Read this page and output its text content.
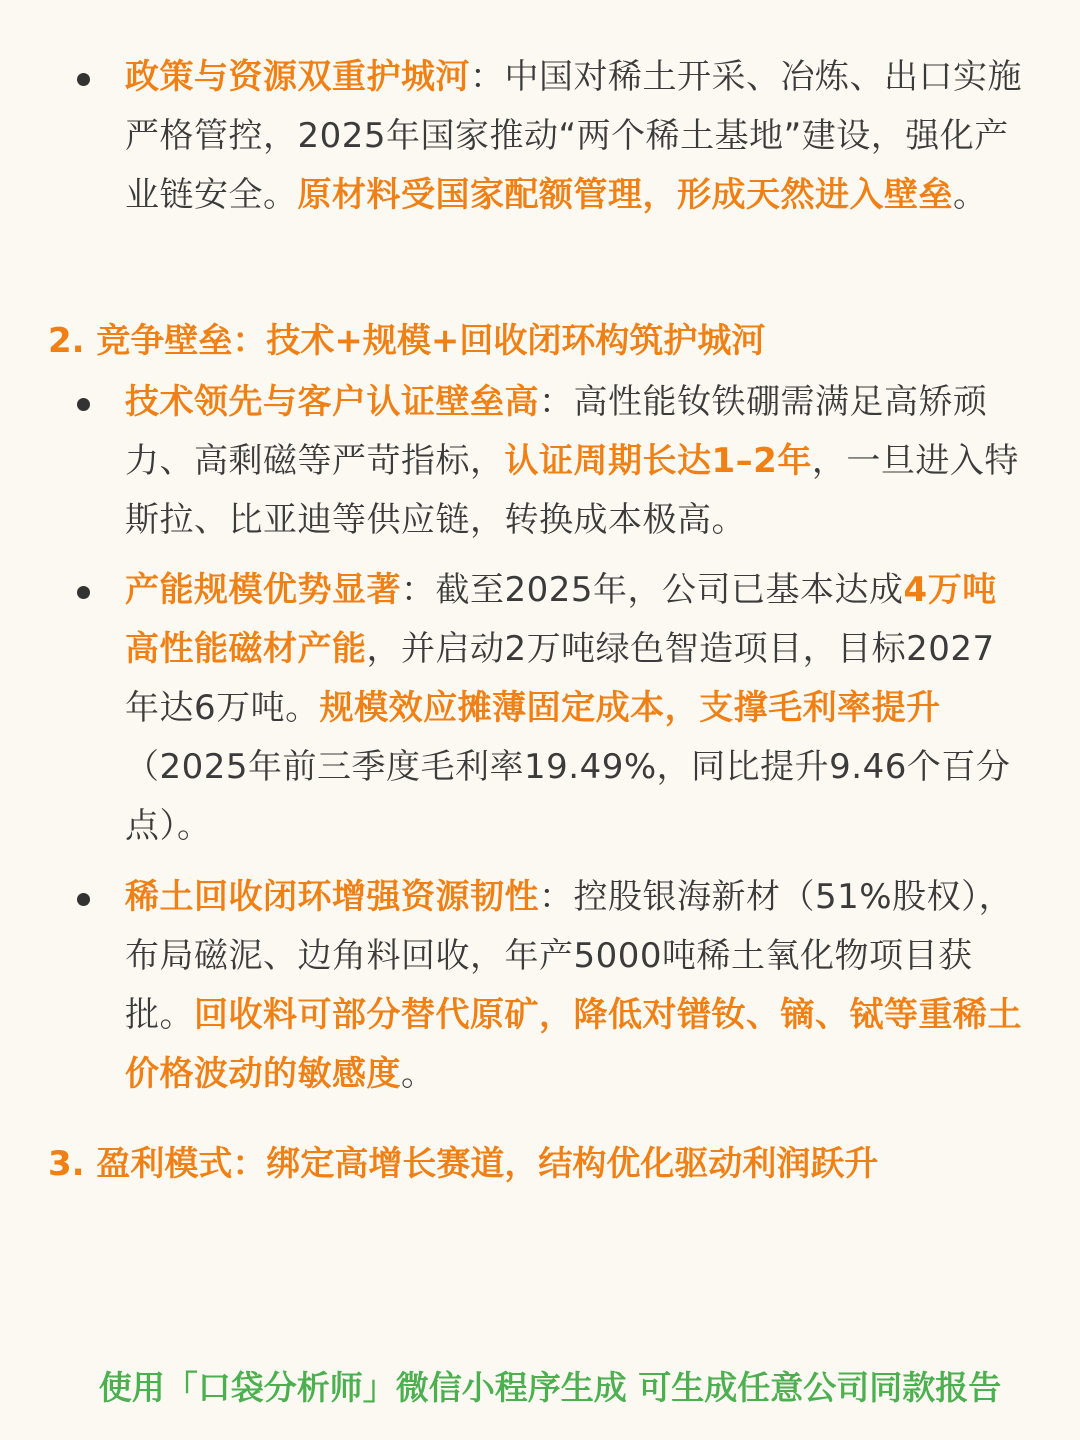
政策与资源双重护城河：中国对稀土开采、冶炼、出口实施严格管控，2025年国家推动“两个稀土基地”建设，强化产业链安全。原材料受国家配额管理，形成天然进入壁垒。

2. 竞争壁垒：技术+规模+回收闭环构筑护城河

技术领先与客户认证壁垒高：高性能钕铁硼需满足高矫顽力、高剩磁等严苛指标，认证周期长达1–2年，一旦进入特斯拉、比亚迪等供应链，转换成本极高。

产能规模优势显著：截至2025年，公司已基本达成4万吨高性能磁材产能，并启动2万吨绿色智造项目，目标2027年达6万吨。规模效应摊薄固定成本，支撑毛利率提升（2025年前三季度毛利率19.49%，同比提升9.46个百分点）。

稀土回收闭环增强资源韧性：控股银海新材（51%股权），布局磁泥、边角料回收，年产5000吨稀土氧化物项目获批。回收料可部分替代原矿，降低对镨钕、镝、铽等重稀土价格波动的敏感度。

3. 盈利模式：绑定高增长赛道，结构优化驱动利润跃升

使用「口袋分析师」微信小程序生成 可生成任意公司同款报告
